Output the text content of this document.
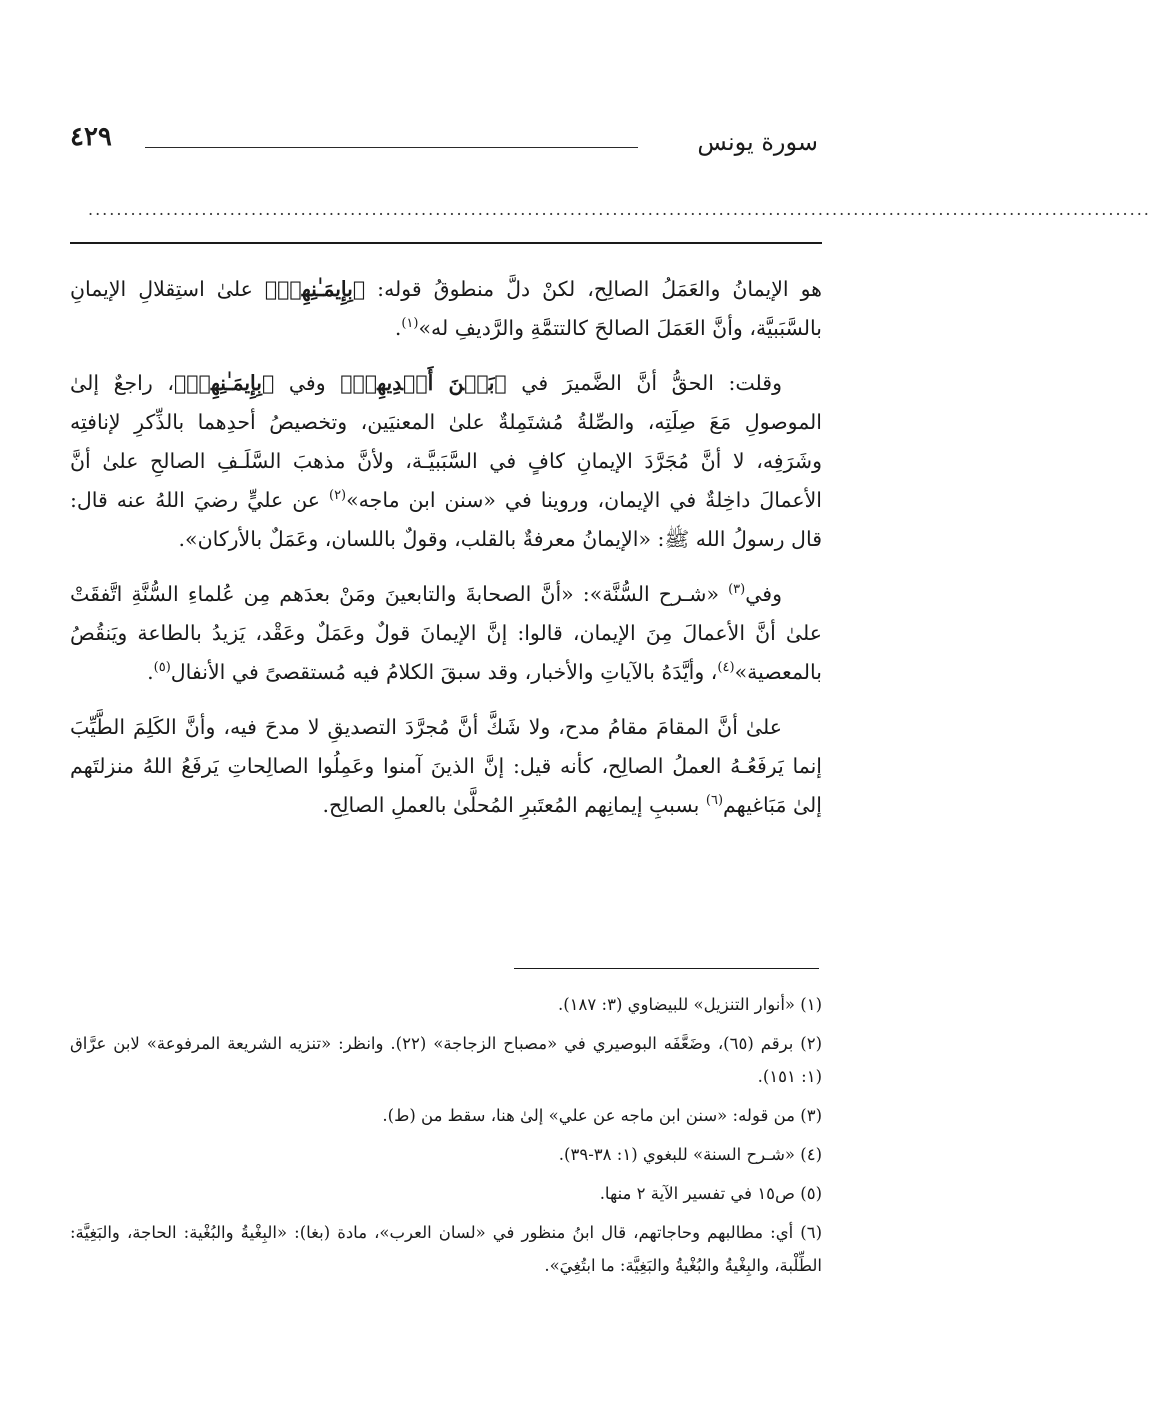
سورة يونس
٤٢٩
......................................................................................................................................................

هو الإيمانُ والعَمَلُ الصالِح، لكنْ دلَّ منطوقُ قوله: ﴿بِإِيمَـٰنِهِمۡ﴾ علىٰ استِقلالِ الإيمانِ بالسَّبَبيَّة، وأنَّ العَمَلَ الصالحَ كالتتمَّةِ والرَّديفِ له»$^{(١)}$.

وقلت: الحقُّ أنَّ الضَّميرَ في ﴿بَيۡنَ أَيۡدِيهِمۡ﴾ وفي ﴿بِإِيمَـٰنِهِمۡ﴾، راجعٌ إلىٰ الموصولِ مَعَ صِلَتِه، والصِّلةُ مُشتَمِلةٌ علىٰ المعنيَين، وتخصيصُ أحدِهما بالذِّكرِ لإنافتِه وشَرَفِه، لا أنَّ مُجَرَّدَ الإيمانِ كافٍ في السَّبَبيَّـة، ولأنَّ مذهبَ السَّلَـفِ الصالحِ علىٰ أنَّ الأعمالَ داخِلةٌ في الإيمان، وروينا في «سنن ابن ماجه»$^{(٢)}$ عن عليٍّ رضيَ اللهُ عنه قال: قال رسولُ الله ﷺ: «الإيمانُ معرفةٌ بالقلب، وقولٌ باللسان، وعَمَلٌ بالأركان».

وفي$^{(٣)}$ «شـرح السُّنَّة»: «أنَّ الصحابةَ والتابعينَ ومَنْ بعدَهم مِن عُلماءِ السُّنَّةِ اتَّفقَتْ علىٰ أنَّ الأعمالَ مِنَ الإيمان، قالوا: إنَّ الإيمانَ قولٌ وعَمَلٌ وعَقْد، يَزيدُ بالطاعة ويَنقُصُ بالمعصية»$^{(٤)}$، وأيَّدَهُ بالآياتِ والأخبار، وقد سبقَ الكلامُ فيه مُستقصىً في الأنفال$^{(٥)}$.

علىٰ أنَّ المقامَ مقامُ مدح، ولا شَكَّ أنَّ مُجرَّدَ التصديقِ لا مدحَ فيه، وأنَّ الكَلِمَ الطَّيِّبَ إنما يَرفَعُـهُ العملُ الصالِح، كأنه قيل: إنَّ الذينَ آمنوا وعَمِلُوا الصالِحاتِ يَرفَعُ اللهُ منزلتَهم إلىٰ مَبَاغيهم$^{(٦)}$ بسببِ إيمانِهم المُعتَبرِ المُحلَّىٰ بالعملِ الصالِح.

(١) «أنوار التنزيل» للبيضاوي (٣: ١٨٧).
(٢) برقم (٦٥)، وضَعَّفَه البوصيري في «مصباح الزجاجة» (٢٢). وانظر: «تنزيه الشريعة المرفوعة» لابن عرَّاق (١: ١٥١).
(٣) من قوله: «سنن ابن ماجه عن علي» إلىٰ هنا، سقط من (ط).
(٤) «شـرح السنة» للبغوي (١: ٣٨-٣٩).
(٥) ص١٥ في تفسير الآية ٢ منها.
(٦) أي: مطالبهم وحاجاتهم، قال ابنُ منظور في «لسان العرب»، مادة (بغا): «البِغْيةُ والبُغْية: الحاجة، والبَغِيَّة: الطِّلْبة، والبِغْيةُ والبُغْيةُ والبَغِيَّة: ما ابتُغِيَ».
